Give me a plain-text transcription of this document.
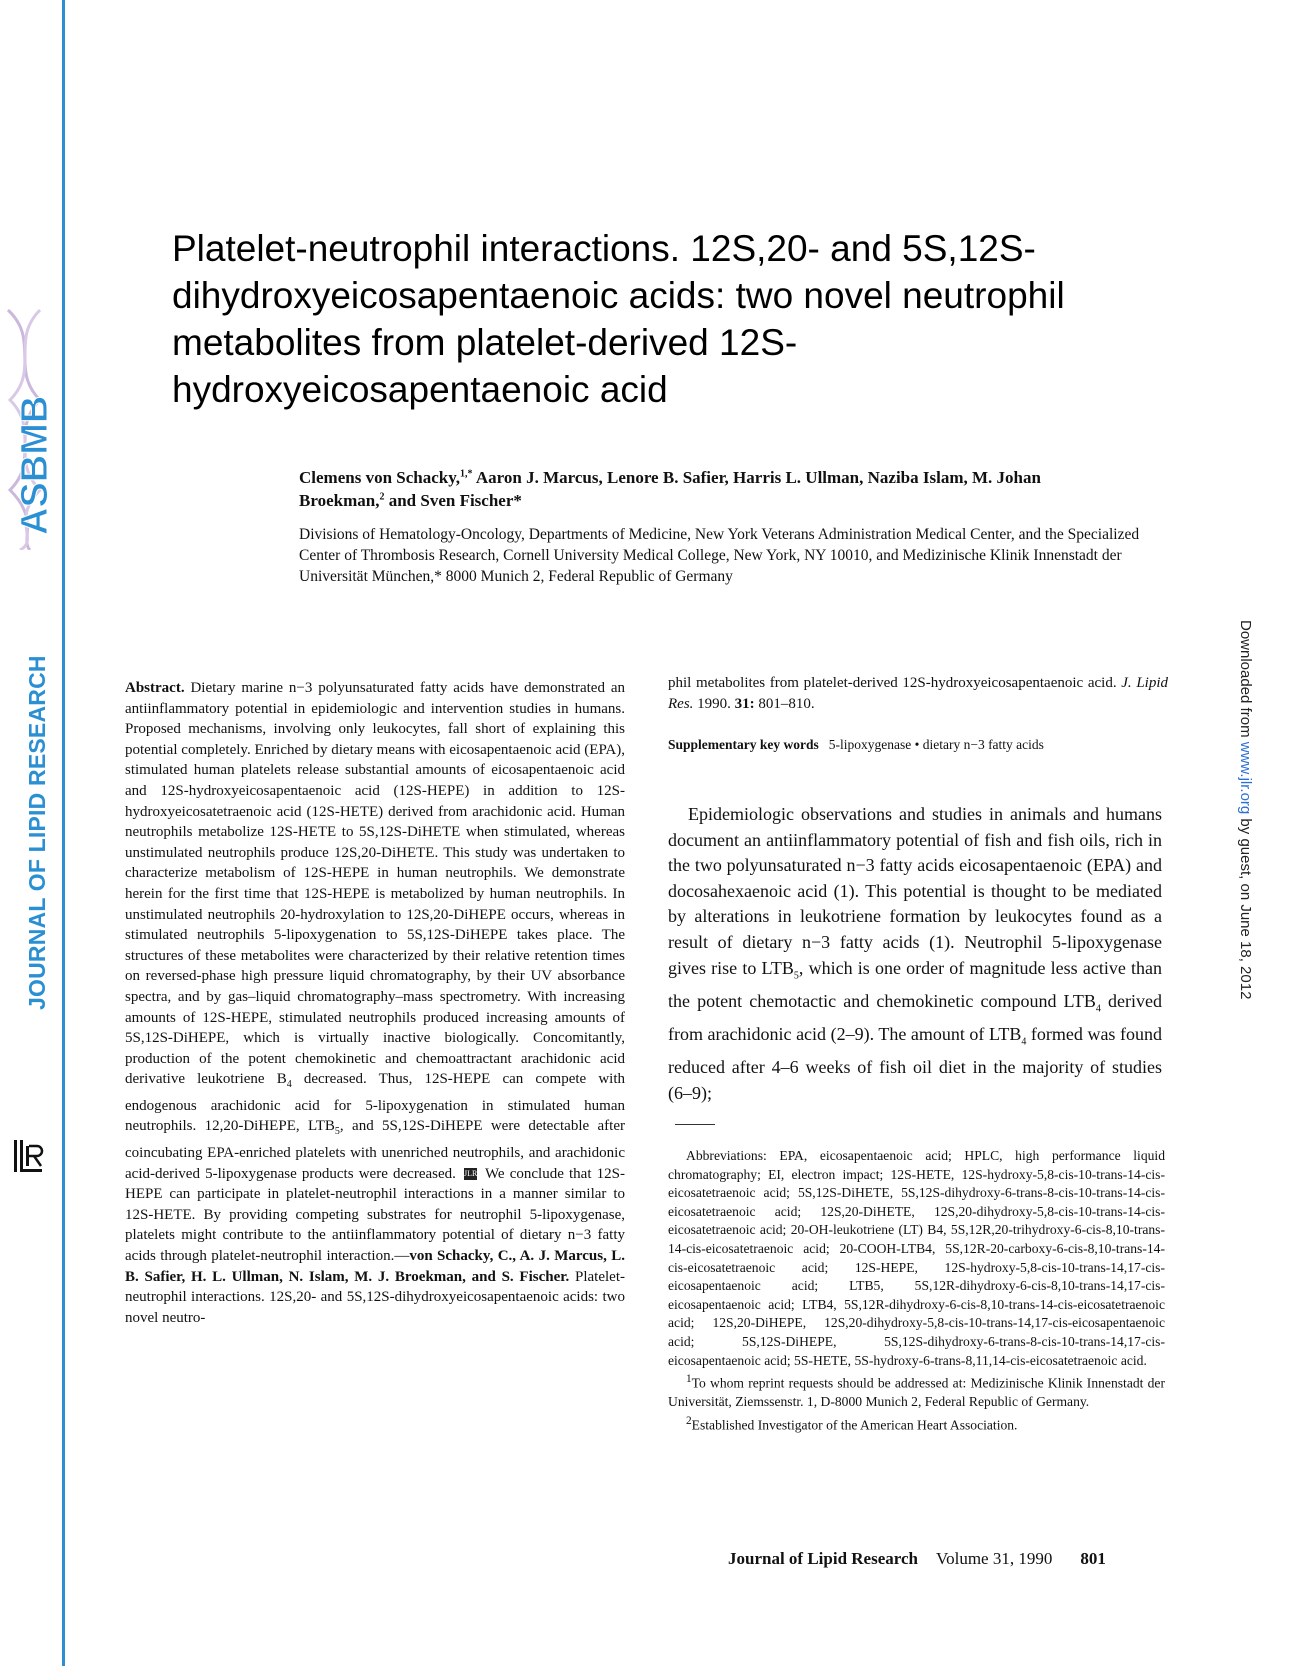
ASBMB
JOURNAL OF LIPID RESEARCH
JLR
Downloaded from www.jlr.org by guest, on June 18, 2012
Platelet-neutrophil interactions. 12S,20- and 5S,12S-dihydroxyeicosapentaenoic acids: two novel neutrophil metabolites from platelet-derived 12S-hydroxyeicosapentaenoic acid
Clemens von Schacky,$^{1,*}$ Aaron J. Marcus, Lenore B. Safier, Harris L. Ullman, Naziba Islam, M. Johan Broekman,$^2$ and Sven Fischer*
Divisions of Hematology-Oncology, Departments of Medicine, New York Veterans Administration Medical Center, and the Specialized Center of Thrombosis Research, Cornell University Medical College, New York, NY 10010, and Medizinische Klinik Innenstadt der Universität München,* 8000 Munich 2, Federal Republic of Germany
Abstract. Dietary marine n−3 polyunsaturated fatty acids have demonstrated an antiinflammatory potential in epidemiologic and intervention studies in humans. Proposed mechanisms, involving only leukocytes, fall short of explaining this potential completely. Enriched by dietary means with eicosapentaenoic acid (EPA), stimulated human platelets release substantial amounts of eicosapentaenoic acid and 12S-hydroxyeicosapentaenoic acid (12S-HEPE) in addition to 12S-hydroxyeicosatetraenoic acid (12S-HETE) derived from arachidonic acid. Human neutrophils metabolize 12S-HETE to 5S,12S-DiHETE when stimulated, whereas unstimulated neutrophils produce 12S,20-DiHETE. This study was undertaken to characterize metabolism of 12S-HEPE in human neutrophils. We demonstrate herein for the first time that 12S-HEPE is metabolized by human neutrophils. In unstimulated neutrophils 20-hydroxylation to 12S,20-DiHEPE occurs, whereas in stimulated neutrophils 5-lipoxygenation to 5S,12S-DiHEPE takes place. The structures of these metabolites were characterized by their relative retention times on reversed-phase high pressure liquid chromatography, by their UV absorbance spectra, and by gas–liquid chromatography–mass spectrometry. With increasing amounts of 12S-HEPE, stimulated neutrophils produced increasing amounts of 5S,12S-DiHEPE, which is virtually inactive biologically. Concomitantly, production of the potent chemokinetic and chemoattractant arachidonic acid derivative leukotriene $B_4$ decreased. Thus, 12S-HEPE can compete with endogenous arachidonic acid for 5-lipoxygenation in stimulated human neutrophils. 12,20-DiHEPE, $LTB_5$, and 5S,12S-DiHEPE were detectable after coincubating EPA-enriched platelets with unenriched neutrophils, and arachidonic acid-derived 5-lipoxygenase products were decreased. JLR We conclude that 12S-HEPE can participate in platelet-neutrophil interactions in a manner similar to 12S-HETE. By providing competing substrates for neutrophil 5-lipoxygenase, platelets might contribute to the antiinflammatory potential of dietary n−3 fatty acids through platelet-neutrophil interaction.—von Schacky, C., A. J. Marcus, L. B. Safier, H. L. Ullman, N. Islam, M. J. Broekman, and S. Fischer. Platelet-neutrophil interactions. 12S,20- and 5S,12S-dihydroxyeicosapentaenoic acids: two novel neutro-
phil metabolites from platelet-derived 12S-hydroxyeicosapentaenoic acid. J. Lipid Res. 1990. 31: 801–810.
Supplementary key words 5-lipoxygenase • dietary n−3 fatty acids
Epidemiologic observations and studies in animals and humans document an antiinflammatory potential of fish and fish oils, rich in the two polyunsaturated n−3 fatty acids eicosapentaenoic (EPA) and docosahexaenoic acid (1). This potential is thought to be mediated by alterations in leukotriene formation by leukocytes found as a result of dietary n−3 fatty acids (1). Neutrophil 5-lipoxygenase gives rise to $LTB_5$, which is one order of magnitude less active than the potent chemotactic and chemokinetic compound $LTB_4$ derived from arachidonic acid (2–9). The amount of $LTB_4$ formed was found reduced after 4–6 weeks of fish oil diet in the majority of studies (6–9);

Abbreviations: EPA, eicosapentaenoic acid; HPLC, high performance liquid chromatography; EI, electron impact; 12S-HETE, 12S-hydroxy-5,8-cis-10-trans-14-cis-eicosatetraenoic acid; 5S,12S-DiHETE, 5S,12S-dihydroxy-6-trans-8-cis-10-trans-14-cis-eicosatetraenoic acid; 12S,20-DiHETE, 12S,20-dihydroxy-5,8-cis-10-trans-14-cis-eicosatetraenoic acid; 20-OH-leukotriene (LT) B4, 5S,12R,20-trihydroxy-6-cis-8,10-trans-14-cis-eicosatetraenoic acid; 20-COOH-LTB4, 5S,12R-20-carboxy-6-cis-8,10-trans-14-cis-eicosatetraenoic acid; 12S-HEPE, 12S-hydroxy-5,8-cis-10-trans-14,17-cis-eicosapentaenoic acid; LTB5, 5S,12R-dihydroxy-6-cis-8,10-trans-14,17-cis-eicosapentaenoic acid; LTB4, 5S,12R-dihydroxy-6-cis-8,10-trans-14-cis-eicosatetraenoic acid; 12S,20-DiHEPE, 12S,20-dihydroxy-5,8-cis-10-trans-14,17-cis-eicosapentaenoic acid; 5S,12S-DiHEPE, 5S,12S-dihydroxy-6-trans-8-cis-10-trans-14,17-cis-eicosapentaenoic acid; 5S-HETE, 5S-hydroxy-6-trans-8,11,14-cis-eicosatetraenoic acid.

$^1$To whom reprint requests should be addressed at: Medizinische Klinik Innenstadt der Universität, Ziemssenstr. 1, D-8000 Munich 2, Federal Republic of Germany.

$^2$Established Investigator of the American Heart Association.

Journal of Lipid Research Volume 31, 1990 801
